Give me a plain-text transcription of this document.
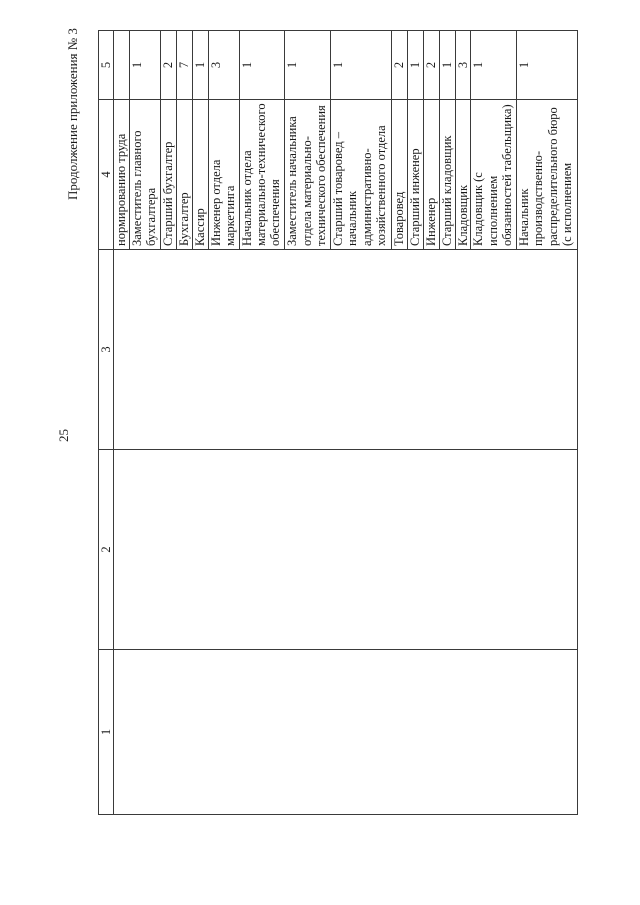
25
Продолжение приложения № 3
1	2	3	4	5
			нормированию труда	
			Заместитель главного бухгалтера	1
			Старший бухгалтер	2
			Бухгалтер	7
			Кассир	1
			Инженер отдела маркетинга	3
			Начальник отдела материально-технического обеспечения	1
			Заместитель начальника отдела материально-технического обеспечения	1
			Старший товаровед – начальник административно-хозяйственного отдела	1
			Товаровед	2
			Старший инженер	1
			Инженер	2
			Старший кладовщик	1
			Кладовщик	3
			Кладовщик (с исполнением обязанностей табельщика)	1
			Начальник производственно-распределительного бюро (с исполнением	1
